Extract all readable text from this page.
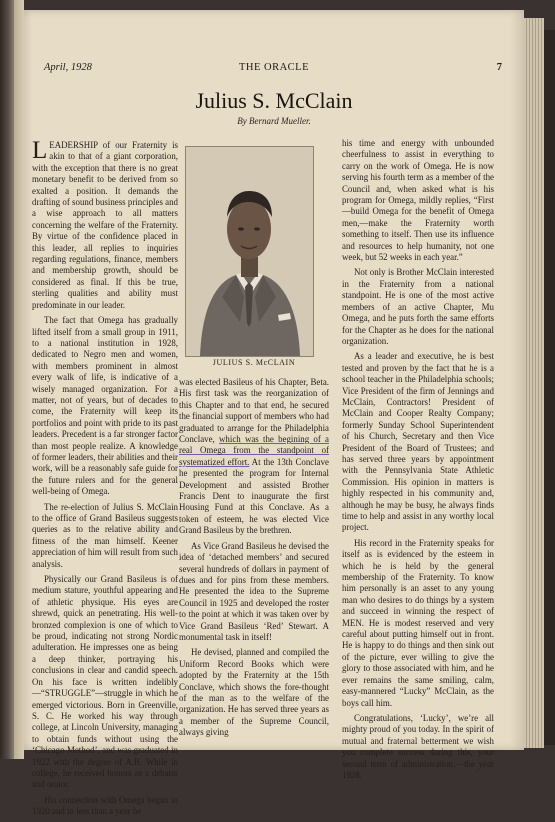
April, 1928	THE ORACLE	7
Julius S. McClain
By Bernard Mueller.

LEADERSHIP of our Fraternity is akin to that of a giant corporation, with the exception that there is no great monetary benefit to be derived from so exalted a position. It demands the drafting of sound business principles and a wise approach to all matters concerning the welfare of the Fraternity. By virtue of the confidence placed in this leader, all replies to inquiries regarding regulations, finance, members and membership growth, should be considered as final. If this be true, sterling qualities and ability must predominate in our leader.

The fact that Omega has gradually lifted itself from a small group in 1911, to a national institution in 1928, dedicated to Negro men and women, with members prominent in almost every walk of life, is indicative of a wisely managed organization. For a matter, not of years, but of decades to come, the Fraternity will keep its portfolios and point with pride to its past leaders. Precedent is a far stronger factor than most people realize. A knowledge of former leaders, their abilities and their work, will be a reasonably safe guide for the future rulers and for the general well-being of Omega.

The re-election of Julius S. McClain to the office of Grand Basileus suggests queries as to the relative ability and fitness of the man himself. Keener appreciation of him will result from such analysis.

Physically our Grand Basileus is of medium stature, youthful appearing and of athletic physique. His eyes are shrewd, quick an penetrating. His well-bronzed complexion is one of which to be proud, indicating not strong Nordic adulteration. He impresses one as being a deep thinker, portraying his conclusions in clear and candid speech. On his face is written indelibly—“STRUGGLE”—struggle in which he emerged victorious. Born in Greenville, S. C. He worked his way through college, at Lincoln University, managing to obtain funds without using the ‘Chicago Method’, and was graduated in 1922 with the degree of A.B. While in college, he received honors as a debater and orator.

His connection with Omega began in 1920 and in less than a year he

JULIUS S. McCLAIN

was elected Basileus of his Chapter, Beta. His first task was the reorganization of this Chapter and to that end, he secured the financial support of members who had graduated to arrange for the Philadelphia Conclave, which was the begining of a real Omega from the standpoint of systematized effort. At the 13th Conclave he presented the program for Internal Development and assisted Brother Francis Dent to inaugurate the first Housing Fund at this Conclave. As a token of esteem, he was elected Vice Grand Basileus by the brethren.

As Vice Grand Basileus he devised the idea of ‘detached members’ and secured several hundreds of dollars in payment of dues and for pins from these members. He presented the idea to the Supreme Council in 1925 and developed the roster to the point at which it was taken over by Vice Grand Basileus ‘Red’ Stewart. A monumental task in itself!

He devised, planned and compiled the Uniform Record Books which were adopted by the Fraternity at the 15th Conclave, which shows the fore-thought of the man as to the welfare of the organization. He has served three years as a member of the Supreme Council, always giving

his time and energy with unbounded cheerfulness to assist in everything to carry on the work of Omega. He is now serving his fourth term as a member of the Council and, when asked what is his program for Omega, mildly replies, “First—build Omega for the benefit of Omega men,—make the Fraternity worth something to itself. Then use its influence and resources to help humanity, not one week, but 52 weeks in each year.”

Not only is Brother McClain interested in the Fraternity from a national standpoint. He is one of the most active members of an active Chapter, Mu Omega, and he puts forth the same efforts for the Chapter as he does for the national organization.

As a leader and executive, he is best tested and proven by the fact that he is a school teacher in the Philadelphia schools; Vice President of the firm of Jennings and McClain, Contractors! President of McClain and Cooper Realty Company; formerly Sunday School Superintendent of his Church, Secretary and then Vice President of the Board of Trustees; and has served three years by appointment with the Pennsylvania State Athletic Commission. His opinion in matters is highly respected in his community and, although he may be busy, he always finds time to help and assist in any worthy local project.

His record in the Fraternity speaks for itself as is evidenced by the esteem in which he is held by the general membership of the Fraternity. To know him personally is an asset to any young man who desires to do things by a system and succeed in winning the respect of MEN. He is modest reserved and very careful about putting himself out in front. He is happy to do things and then sink out of the picture, ever willing to give the glory to those associated with him, and he ever remains the same smiling, calm, easy-mannered “Lucky” McClain, as the boys call him.

Congratulations, ‘Lucky’, we’re all mighty proud of you today. In the spirit of mutual and fraternal betterment we wish you complete success during this, your second term of administration,—the year 1928.
